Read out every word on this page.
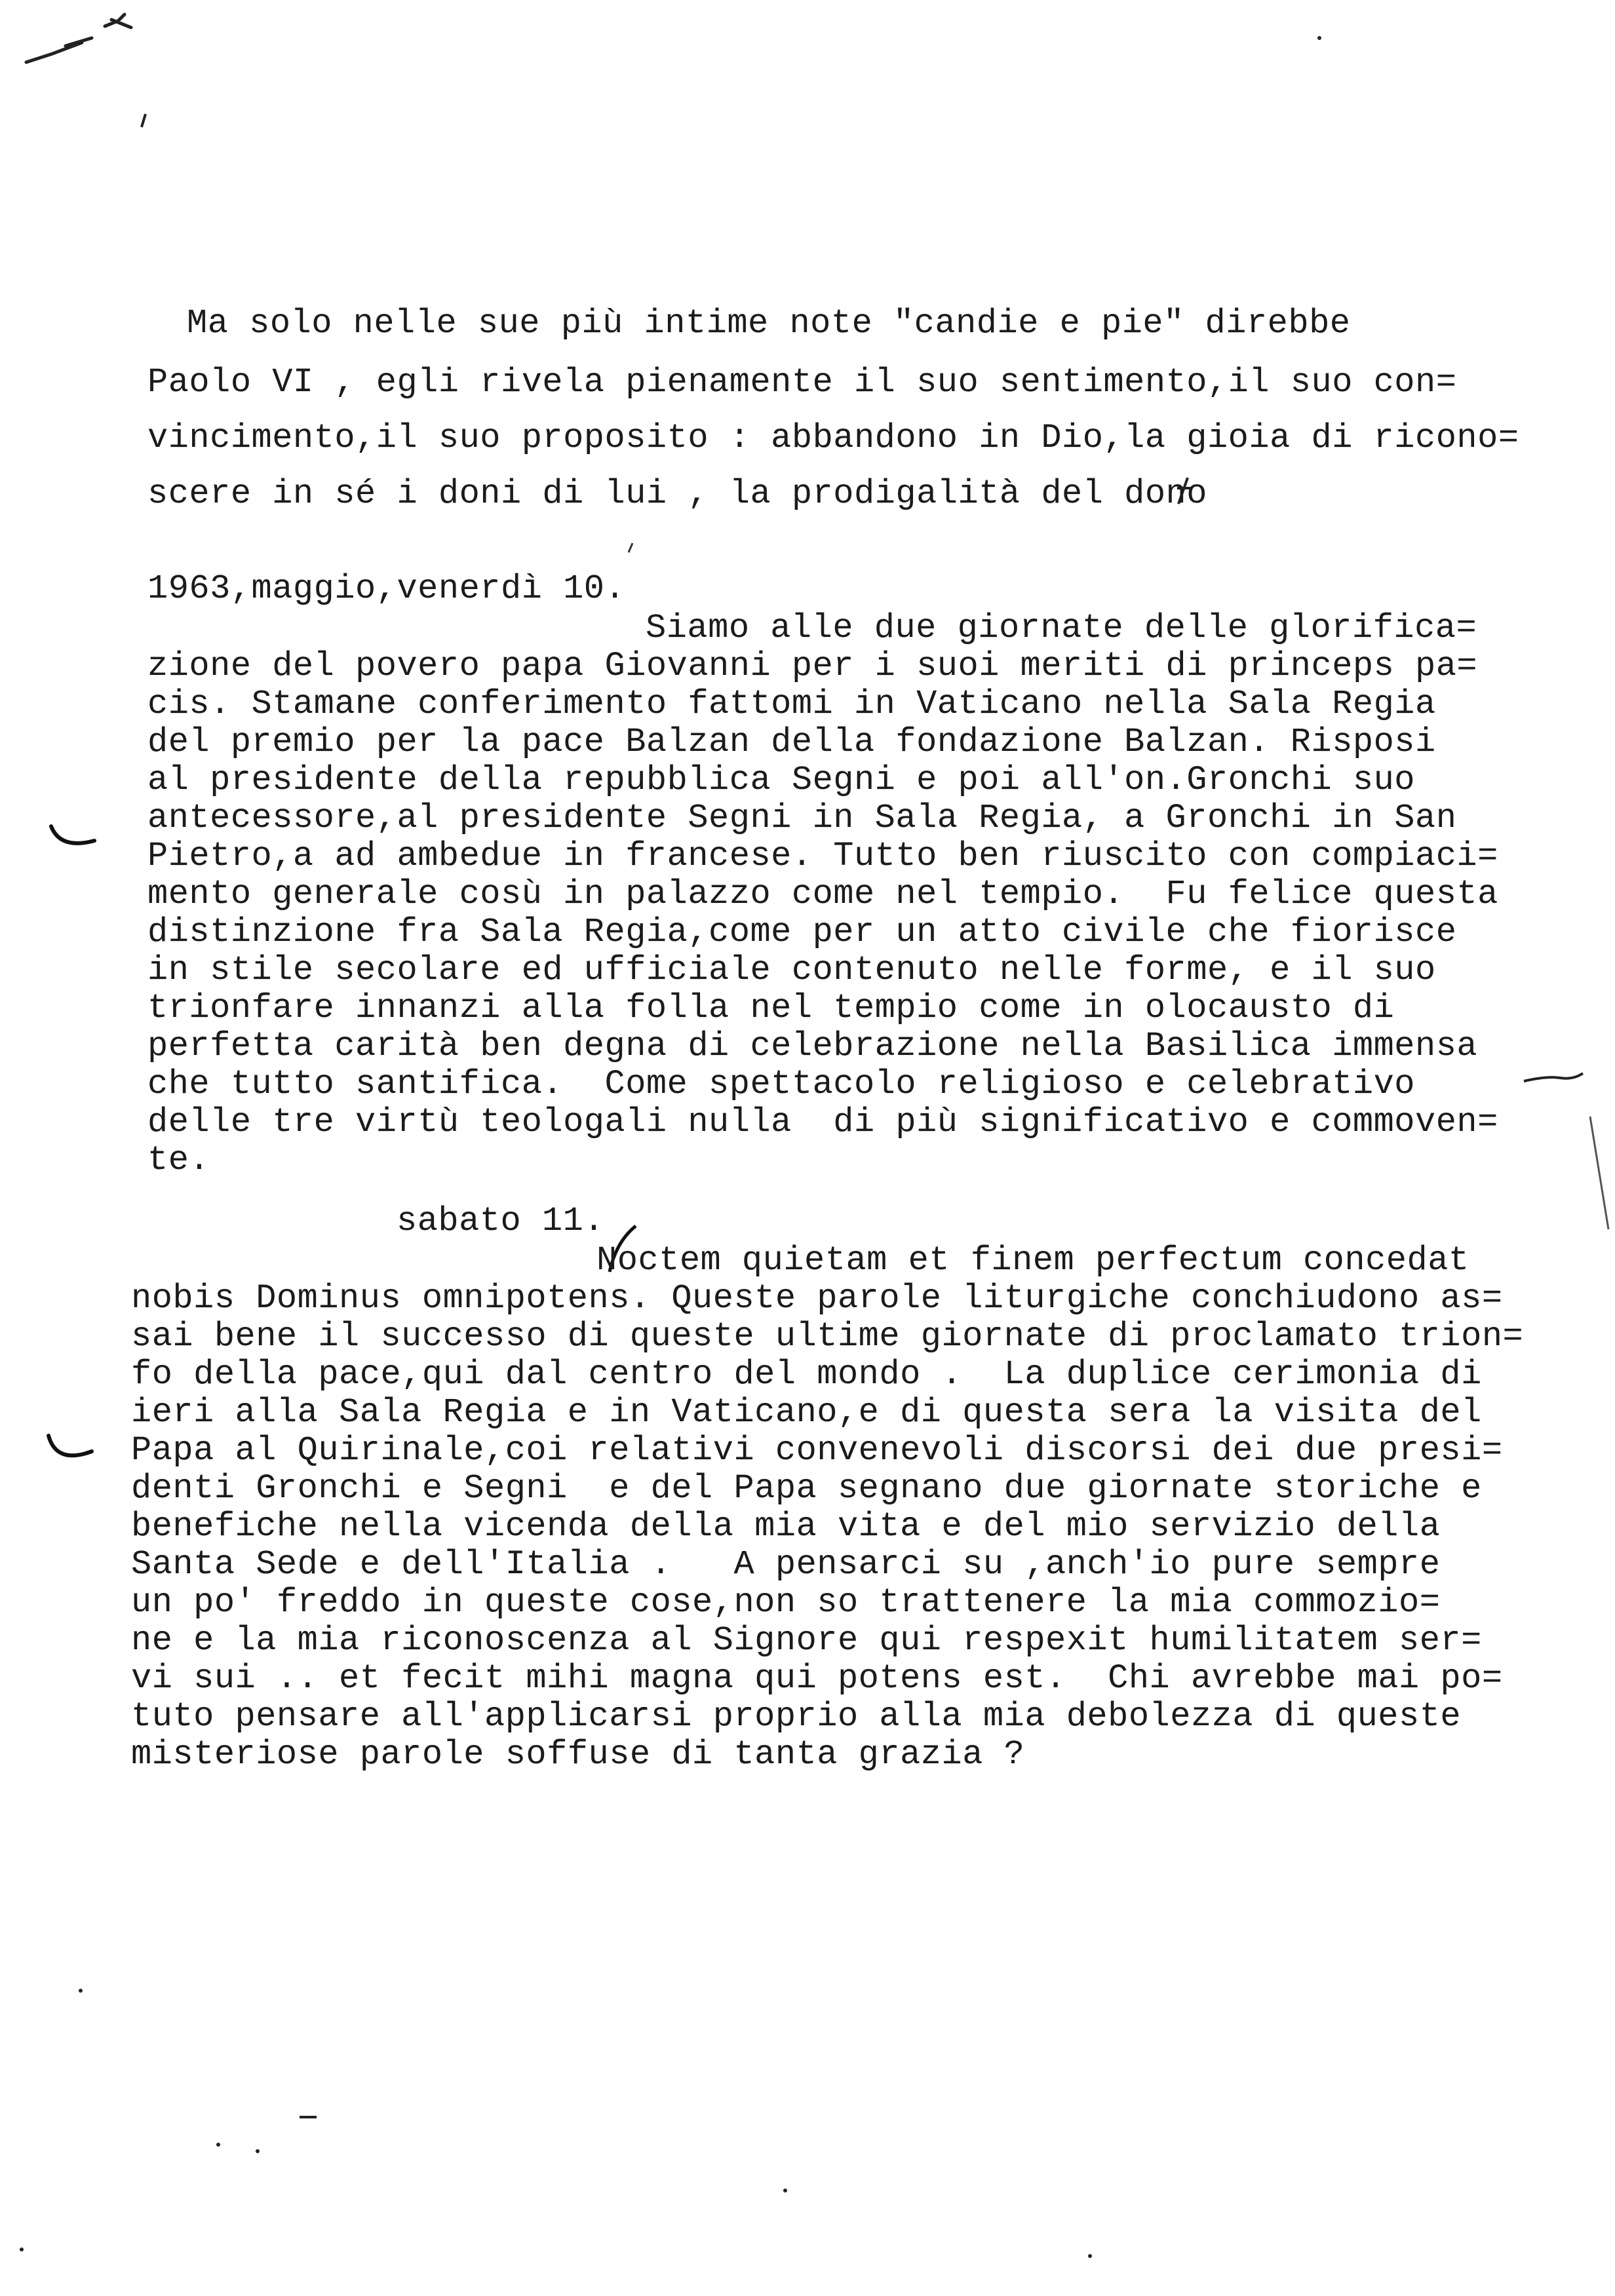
Ma solo nelle sue più intime note "candie e pie" direbbe
Paolo VI , egli rivela pienamente il suo sentimento,il suo con=
vincimento,il suo proposito : abbandono in Dio,la gioia di ricono=
scere in sé i doni di lui , la prodigalità del dono
1963,maggio,venerdì 10.
Siamo alle due giornate delle glorifica=
zione del povero papa Giovanni per i suoi meriti di princeps pa=
cis. Stamane conferimento fattomi in Vaticano nella Sala Regia
del premio per la pace Balzan della fondazione Balzan. Risposi
al presidente della repubblica Segni e poi all'on.Gronchi suo
antecessore,al presidente Segni in Sala Regia, a Gronchi in San
Pietro,a ad ambedue in francese. Tutto ben riuscito con compiaci=
mento generale cosù in palazzo come nel tempio.  Fu felice questa
distinzione fra Sala Regia,come per un atto civile che fiorisce
in stile secolare ed ufficiale contenuto nelle forme, e il suo
trionfare innanzi alla folla nel tempio come in olocausto di
perfetta carità ben degna di celebrazione nella Basilica immensa
che tutto santifica.  Come spettacolo religioso e celebrativo
delle tre virtù teologali nulla  di più significativo e commoven=
te.
sabato 11.
Noctem quietam et finem perfectum concedat
nobis Dominus omnipotens. Queste parole liturgiche conchiudono as=
sai bene il successo di queste ultime giornate di proclamato trion=
fo della pace,qui dal centro del mondo .  La duplice cerimonia di
ieri alla Sala Regia e in Vaticano,e di questa sera la visita del
Papa al Quirinale,coi relativi convenevoli discorsi dei due presi=
denti Gronchi e Segni  e del Papa segnano due giornate storiche e
benefiche nella vicenda della mia vita e del mio servizio della
Santa Sede e dell'Italia .   A pensarci su ,anch'io pure sempre
un po' freddo in queste cose,non so trattenere la mia commozio=
ne e la mia riconoscenza al Signore qui respexit humilitatem ser=
vi sui .. et fecit mihi magna qui potens est.  Chi avrebbe mai po=
tuto pensare all'applicarsi proprio alla mia debolezza di queste
misteriose parole soffuse di tanta grazia ?
